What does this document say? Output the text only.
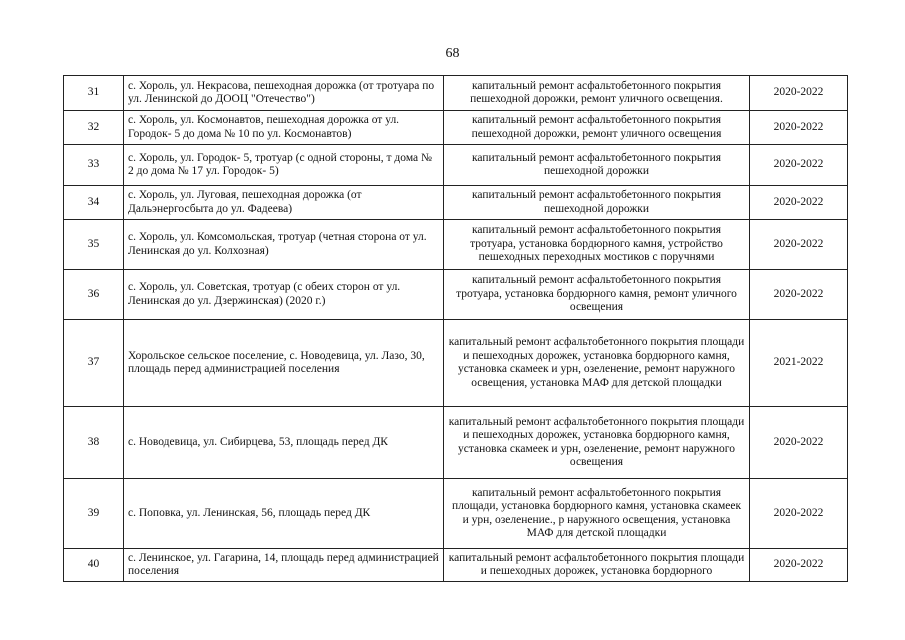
68
31	с. Хороль, ул. Некрасова, пешеходная дорожка (от тротуара по ул. Ленинской до ДООЦ "Отечество")	капитальный ремонт асфальтобетонного покрытия пешеходной дорожки, ремонт уличного освещения.	2020-2022
32	с. Хороль, ул. Космонавтов, пешеходная дорожка от ул. Городок- 5 до дома № 10 по ул. Космонавтов)	капитальный ремонт асфальтобетонного покрытия пешеходной дорожки, ремонт уличного освещения	2020-2022
33	с. Хороль, ул. Городок- 5, тротуар (с одной стороны, т дома № 2 до дома № 17 ул. Городок- 5)	капитальный ремонт асфальтобетонного покрытия пешеходной дорожки	2020-2022
34	с. Хороль, ул. Луговая, пешеходная дорожка (от Дальэнергосбыта до ул. Фадеева)	капитальный ремонт асфальтобетонного покрытия пешеходной дорожки	2020-2022
35	с. Хороль, ул. Комсомольская, тротуар (четная сторона от ул. Ленинская до ул. Колхозная)	капитальный ремонт асфальтобетонного покрытия тротуара, установка бордюрного камня, устройство пешеходных переходных мостиков с поручнями	2020-2022
36	с. Хороль, ул. Советская, тротуар (с обеих сторон от ул. Ленинская до ул. Дзержинская) (2020 г.)	капитальный ремонт асфальтобетонного покрытия тротуара, установка бордюрного камня, ремонт уличного освещения	2020-2022
37	Хорольское сельское поселение, с. Новодевица, ул. Лазо, 30, площадь перед администрацией поселения	капитальный ремонт асфальтобетонного покрытия площади и пешеходных дорожек, установка бордюрного камня, установка скамеек и урн, озеленение, ремонт наружного освещения, установка МАФ для детской площадки	2021-2022
38	с. Новодевица, ул. Сибирцева, 53, площадь перед ДК	капитальный ремонт асфальтобетонного покрытия площади и пешеходных дорожек, установка бордюрного камня, установка скамеек и урн, озеленение, ремонт наружного освещения	2020-2022
39	с. Поповка, ул. Ленинская, 56, площадь перед ДК	капитальный ремонт асфальтобетонного покрытия площади, установка бордюрного камня, установка скамеек и урн, озеленение., р наружного освещения, установка МАФ для детской площадки	2020-2022
40	с. Ленинское, ул. Гагарина, 14, площадь перед администрацией поселения	капитальный ремонт асфальтобетонного покрытия площади и пешеходных дорожек, установка бордюрного	2020-2022
